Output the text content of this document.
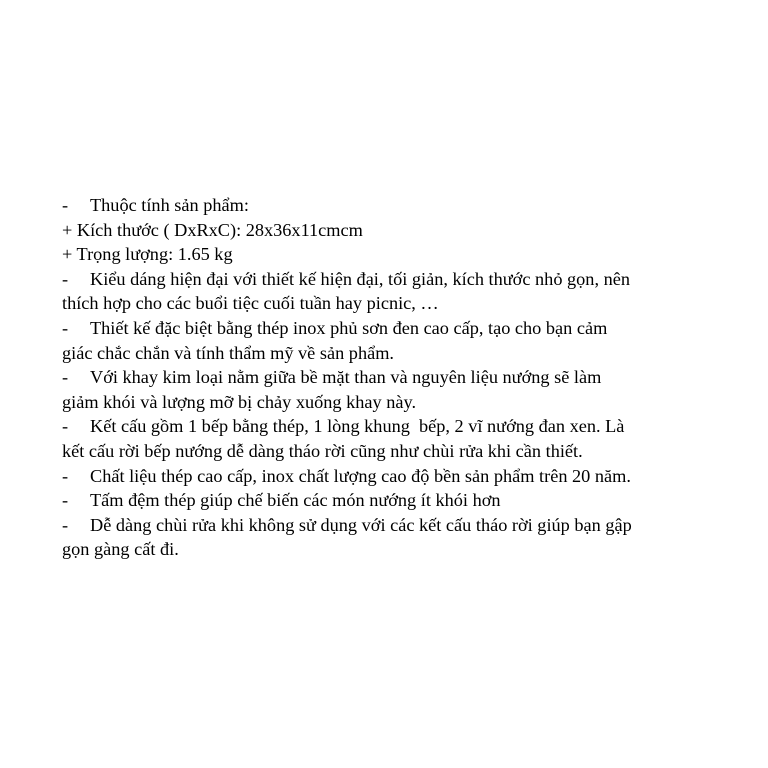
- Thuộc tính sản phẩm:
+ Kích thước ( DxRxC): 28x36x11cmcm
+ Trọng lượng: 1.65 kg
- Kiểu dáng hiện đại với thiết kế hiện đại, tối giản, kích thước nhỏ gọn, nên
thích hợp cho các buổi tiệc cuối tuần hay picnic, …
- Thiết kế đặc biệt bằng thép inox phủ sơn đen cao cấp, tạo cho bạn cảm
giác chắc chắn và tính thẩm mỹ về sản phẩm.
- Với khay kim loại nằm giữa bề mặt than và nguyên liệu nướng sẽ làm
giảm khói và lượng mỡ bị chảy xuống khay này.
- Kết cấu gồm 1 bếp bằng thép, 1 lòng khung  bếp, 2 vĩ nướng đan xen. Là
kết cấu rời bếp nướng dễ dàng tháo rời cũng như chùi rửa khi cần thiết.
- Chất liệu thép cao cấp, inox chất lượng cao độ bền sản phẩm trên 20 năm.
- Tấm đệm thép giúp chế biến các món nướng ít khói hơn
- Dễ dàng chùi rửa khi không sử dụng với các kết cấu tháo rời giúp bạn gập
gọn gàng cất đi.
